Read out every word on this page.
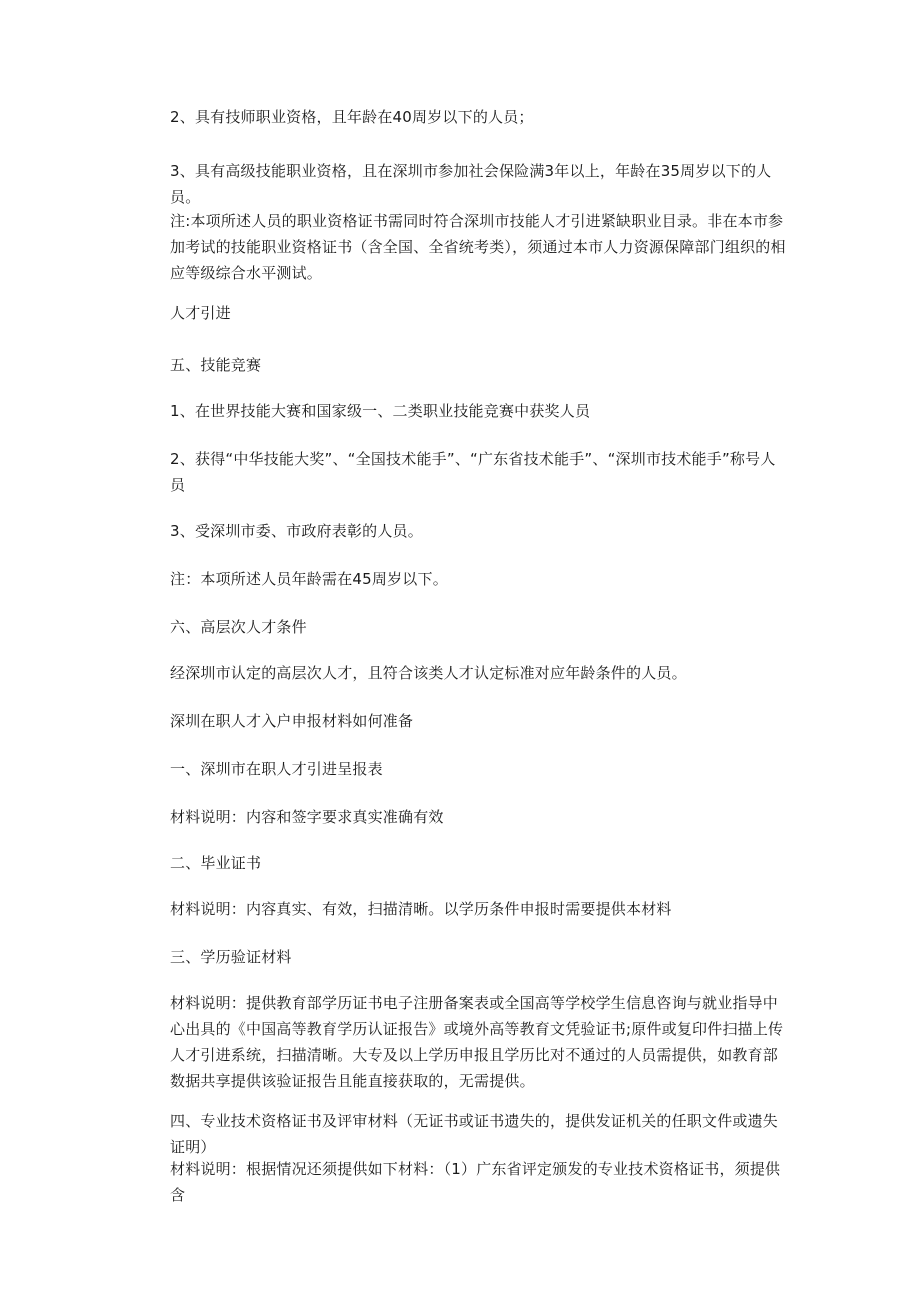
2、具有技师职业资格，且年龄在40周岁以下的人员；

3、具有高级技能职业资格，且在深圳市参加社会保险满3年以上，年龄在35周岁以下的人员。

注:本项所述人员的职业资格证书需同时符合深圳市技能人才引进紧缺职业目录。非在本市参加考试的技能职业资格证书（含全国、全省统考类），须通过本市人力资源保障部门组织的相应等级综合水平测试。

人才引进

五、技能竞赛

1、在世界技能大赛和国家级一、二类职业技能竞赛中获奖人员

2、获得“中华技能大奖”、“全国技术能手”、“广东省技术能手”、“深圳市技术能手”称号人员

3、受深圳市委、市政府表彰的人员。

注：本项所述人员年龄需在45周岁以下。

六、高层次人才条件

经深圳市认定的高层次人才，且符合该类人才认定标准对应年龄条件的人员。

深圳在职人才入户申报材料如何准备

一、深圳市在职人才引进呈报表

材料说明：内容和签字要求真实准确有效

二、毕业证书

材料说明：内容真实、有效，扫描清晰。以学历条件申报时需要提供本材料

三、学历验证材料

材料说明：提供教育部学历证书电子注册备案表或全国高等学校学生信息咨询与就业指导中心出具的《中国高等教育学历认证报告》或境外高等教育文凭验证书;原件或复印件扫描上传人才引进系统，扫描清晰。大专及以上学历申报且学历比对不通过的人员需提供，如教育部数据共享提供该验证报告且能直接获取的，无需提供。

四、专业技术资格证书及评审材料（无证书或证书遗失的，提供发证机关的任职文件或遗失证明）

材料说明：根据情况还须提供如下材料：（1）广东省评定颁发的专业技术资格证书，须提供含
